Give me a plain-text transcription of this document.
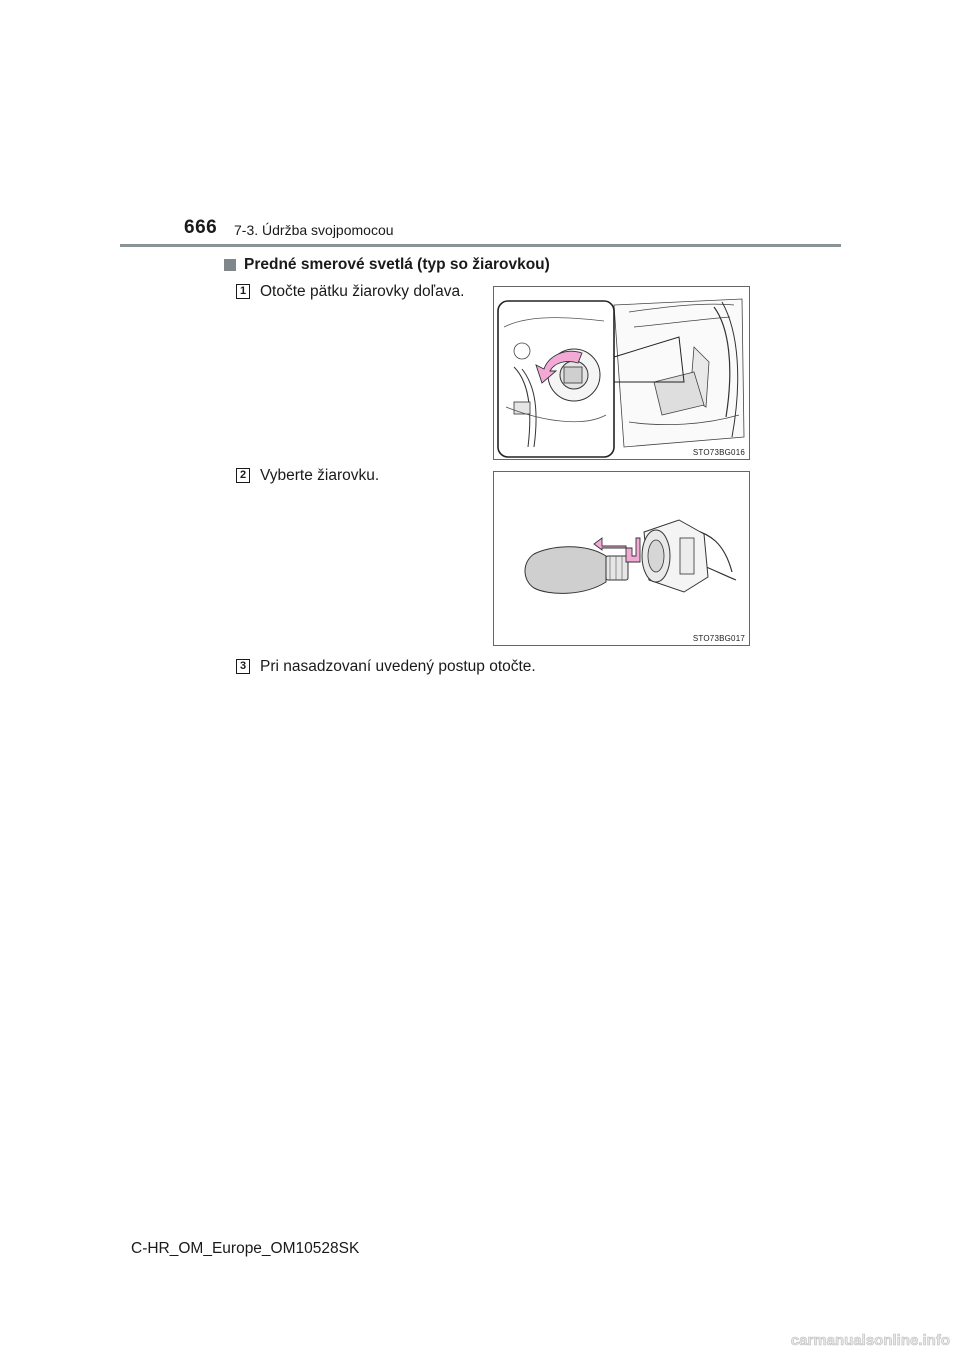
666 7-3. Údržba svojpomocou
Predné smerové svetlá (typ so žiarovkou)
1 Otočte pätku žiarovky doľava.
STO73BG016
2 Vyberte žiarovku.
STO73BG017
3 Pri nasadzovaní uvedený postup otočte.
C-HR_OM_Europe_OM10528SK
carmanualsonline.info
